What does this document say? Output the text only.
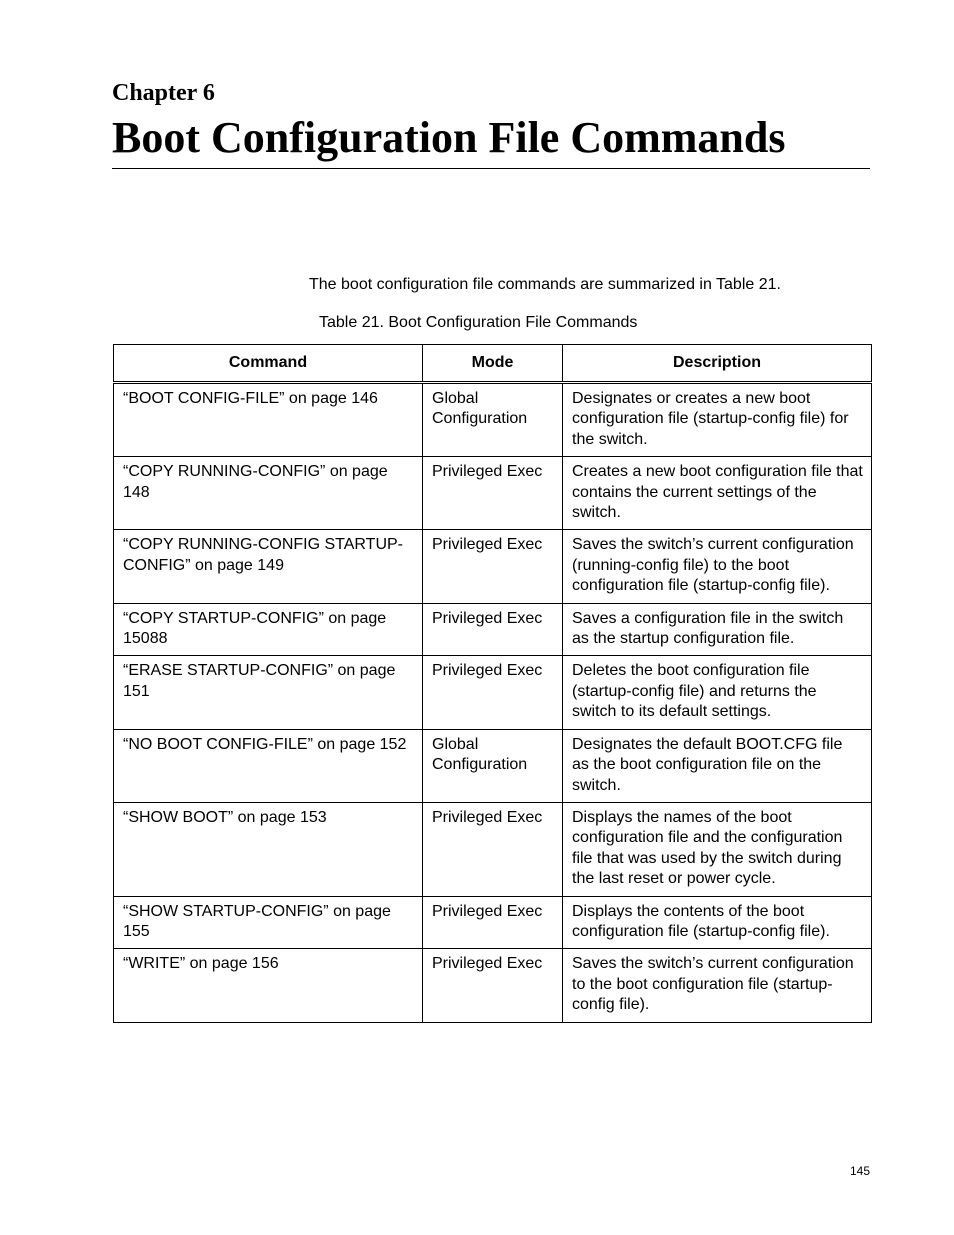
Chapter 6
Boot Configuration File Commands

The boot configuration file commands are summarized in Table 21.

Table 21. Boot Configuration File Commands

Command	Mode	Description
“BOOT CONFIG-FILE” on page 146	Global Configuration	Designates or creates a new boot configuration file (startup-config file) for the switch.
“COPY RUNNING-CONFIG” on page 148	Privileged Exec	Creates a new boot configuration file that contains the current settings of the switch.
“COPY RUNNING-CONFIG STARTUP-CONFIG” on page 149	Privileged Exec	Saves the switch’s current configuration (running-config file) to the boot configuration file (startup-config file).
“COPY STARTUP-CONFIG” on page 15088	Privileged Exec	Saves a configuration file in the switch as the startup configuration file.
“ERASE STARTUP-CONFIG” on page 151	Privileged Exec	Deletes the boot configuration file (startup-config file) and returns the switch to its default settings.
“NO BOOT CONFIG-FILE” on page 152	Global Configuration	Designates the default BOOT.CFG file as the boot configuration file on the switch.
“SHOW BOOT” on page 153	Privileged Exec	Displays the names of the boot configuration file and the configuration file that was used by the switch during the last reset or power cycle.
“SHOW STARTUP-CONFIG” on page 155	Privileged Exec	Displays the contents of the boot configuration file (startup-config file).
“WRITE” on page 156	Privileged Exec	Saves the switch’s current configuration to the boot configuration file (startup-config file).

145
